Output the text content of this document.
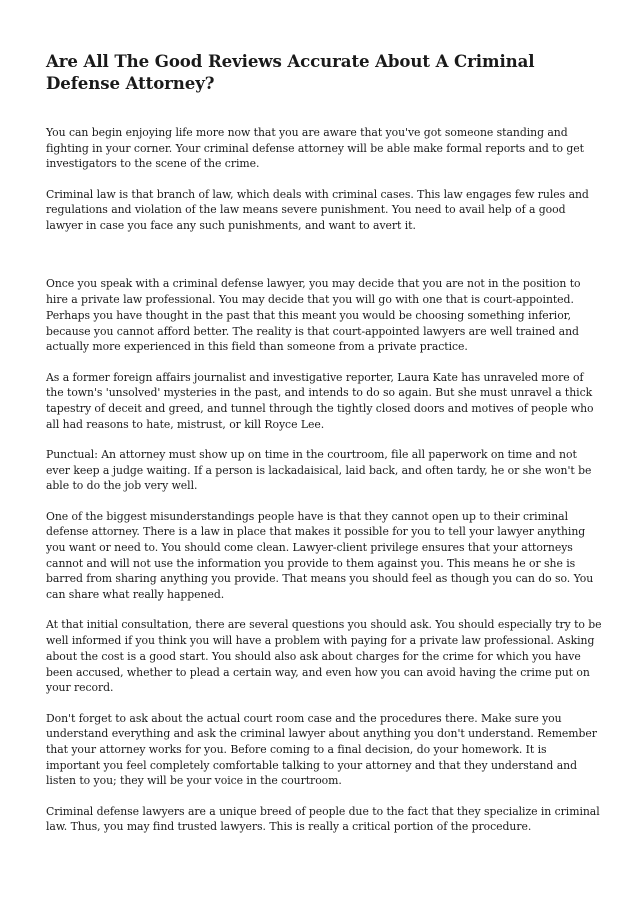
Are All The Good Reviews Accurate About A Criminal Defense Attorney?

You can begin enjoying life more now that you are aware that you've got someone standing and fighting in your corner. Your criminal defense attorney will be able make formal reports and to get investigators to the scene of the crime.

Criminal law is that branch of law, which deals with criminal cases. This law engages few rules and regulations and violation of the law means severe punishment. You need to avail help of a good lawyer in case you face any such punishments, and want to avert it.

Once you speak with a criminal defense lawyer, you may decide that you are not in the position to hire a private law professional. You may decide that you will go with one that is court-appointed. Perhaps you have thought in the past that this meant you would be choosing something inferior, because you cannot afford better. The reality is that court-appointed lawyers are well trained and actually more experienced in this field than someone from a private practice.

As a former foreign affairs journalist and investigative reporter, Laura Kate has unraveled more of the town's 'unsolved' mysteries in the past, and intends to do so again. But she must unravel a thick tapestry of deceit and greed, and tunnel through the tightly closed doors and motives of people who all had reasons to hate, mistrust, or kill Royce Lee.

Punctual: An attorney must show up on time in the courtroom, file all paperwork on time and not ever keep a judge waiting. If a person is lackadaisical, laid back, and often tardy, he or she won't be able to do the job very well.

One of the biggest misunderstandings people have is that they cannot open up to their criminal defense attorney. There is a law in place that makes it possible for you to tell your lawyer anything you want or need to. You should come clean. Lawyer-client privilege ensures that your attorneys cannot and will not use the information you provide to them against you. This means he or she is barred from sharing anything you provide. That means you should feel as though you can do so. You can share what really happened.

At that initial consultation, there are several questions you should ask. You should especially try to be well informed if you think you will have a problem with paying for a private law professional. Asking about the cost is a good start. You should also ask about charges for the crime for which you have been accused, whether to plead a certain way, and even how you can avoid having the crime put on your record.

Don't forget to ask about the actual court room case and the procedures there. Make sure you understand everything and ask the criminal lawyer about anything you don't understand. Remember that your attorney works for you. Before coming to a final decision, do your homework. It is important you feel completely comfortable talking to your attorney and that they understand and listen to you; they will be your voice in the courtroom.

Criminal defense lawyers are a unique breed of people due to the fact that they specialize in criminal law. Thus, you may find trusted lawyers. This is really a critical portion of the procedure.
